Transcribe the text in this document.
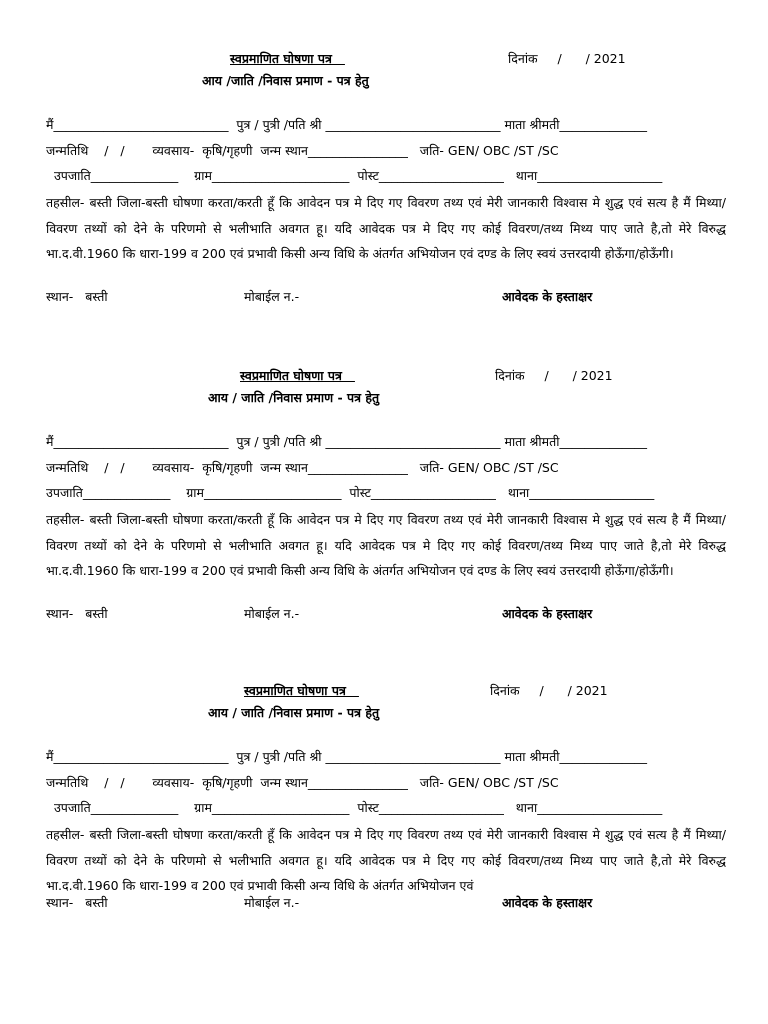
स्वप्रमाणित घोषणा पत्र	दिनांक     /      / 2021
आय /जाति /निवास प्रमाण - पत्र हेतु
मैं____________________________  पुत्र / पुत्री /पति श्री ____________________________ माता श्रीमती______________
जन्मतिथि    /   /       व्यवसाय-  कृषि/गृहणी  जन्म स्थान________________   जति- GEN/ OBC /ST /SC
उपजाति______________    ग्राम______________________  पोस्ट____________________   थाना____________________
तहसील- बस्ती जिला-बस्ती घोषणा करता/करती हूँ कि आवेदन पत्र मे दिए गए विवरण तथ्य एवं मेरी जानकारी विश्वास मे शुद्ध एवं सत्य है मैं मिथ्या/विवरण तथ्यों को देने के परिणमो से भलीभाति अवगत हू। यदि आवेदक पत्र मे दिए गए कोई विवरण/तथ्य मिथ्य पाए जाते है,तो मेरे विरुद्ध भा.द.वी.1960 कि धारा-199 व 200 एवं प्रभावी किसी अन्य विधि के अंतर्गत अभियोजन एवं दण्ड के लिए स्वयं उत्तरदायी होऊँगा/होऊँगी।
स्थान-   बस्ती	मोबाईल न.-	आवेदक के हस्ताक्षर
स्वप्रमाणित घोषणा पत्र	दिनांक     /      / 2021
आय / जाति /निवास प्रमाण - पत्र हेतु
मैं____________________________  पुत्र / पुत्री /पति श्री ____________________________ माता श्रीमती______________
जन्मतिथि    /   /       व्यवसाय-  कृषि/गृहणी  जन्म स्थान________________   जति- GEN/ OBC /ST /SC
उपजाति______________    ग्राम______________________  पोस्ट____________________   थाना____________________
तहसील- बस्ती जिला-बस्ती घोषणा करता/करती हूँ कि आवेदन पत्र मे दिए गए विवरण तथ्य एवं मेरी जानकारी विश्वास मे शुद्ध एवं सत्य है मैं मिथ्या/विवरण तथ्यों को देने के परिणमो से भलीभाति अवगत हू। यदि आवेदक पत्र मे दिए गए कोई विवरण/तथ्य मिथ्य पाए जाते है,तो मेरे विरुद्ध भा.द.वी.1960 कि धारा-199 व 200 एवं प्रभावी किसी अन्य विधि के अंतर्गत अभियोजन एवं दण्ड के लिए स्वयं उत्तरदायी होऊँगा/होऊँगी।
स्थान-   बस्ती	मोबाईल न.-	आवेदक के हस्ताक्षर
स्वप्रमाणित घोषणा पत्र	दिनांक     /      / 2021
आय / जाति /निवास प्रमाण - पत्र हेतु
मैं____________________________  पुत्र / पुत्री /पति श्री ____________________________ माता श्रीमती______________
जन्मतिथि    /   /       व्यवसाय-  कृषि/गृहणी  जन्म स्थान________________   जति- GEN/ OBC /ST /SC
उपजाति______________    ग्राम______________________  पोस्ट____________________   थाना____________________
तहसील- बस्ती जिला-बस्ती घोषणा करता/करती हूँ कि आवेदन पत्र मे दिए गए विवरण तथ्य एवं मेरी जानकारी विश्वास मे शुद्ध एवं सत्य है मैं मिथ्या/विवरण तथ्यों को देने के परिणमो से भलीभाति अवगत हू। यदि आवेदक पत्र मे दिए गए कोई विवरण/तथ्य मिथ्य पाए जाते है,तो मेरे विरुद्ध भा.द.वी.1960 कि धारा-199 व 200 एवं प्रभावी किसी अन्य विधि के अंतर्गत अभियोजन एवं
स्थान-   बस्ती	मोबाईल न.-	आवेदक के हस्ताक्षर
